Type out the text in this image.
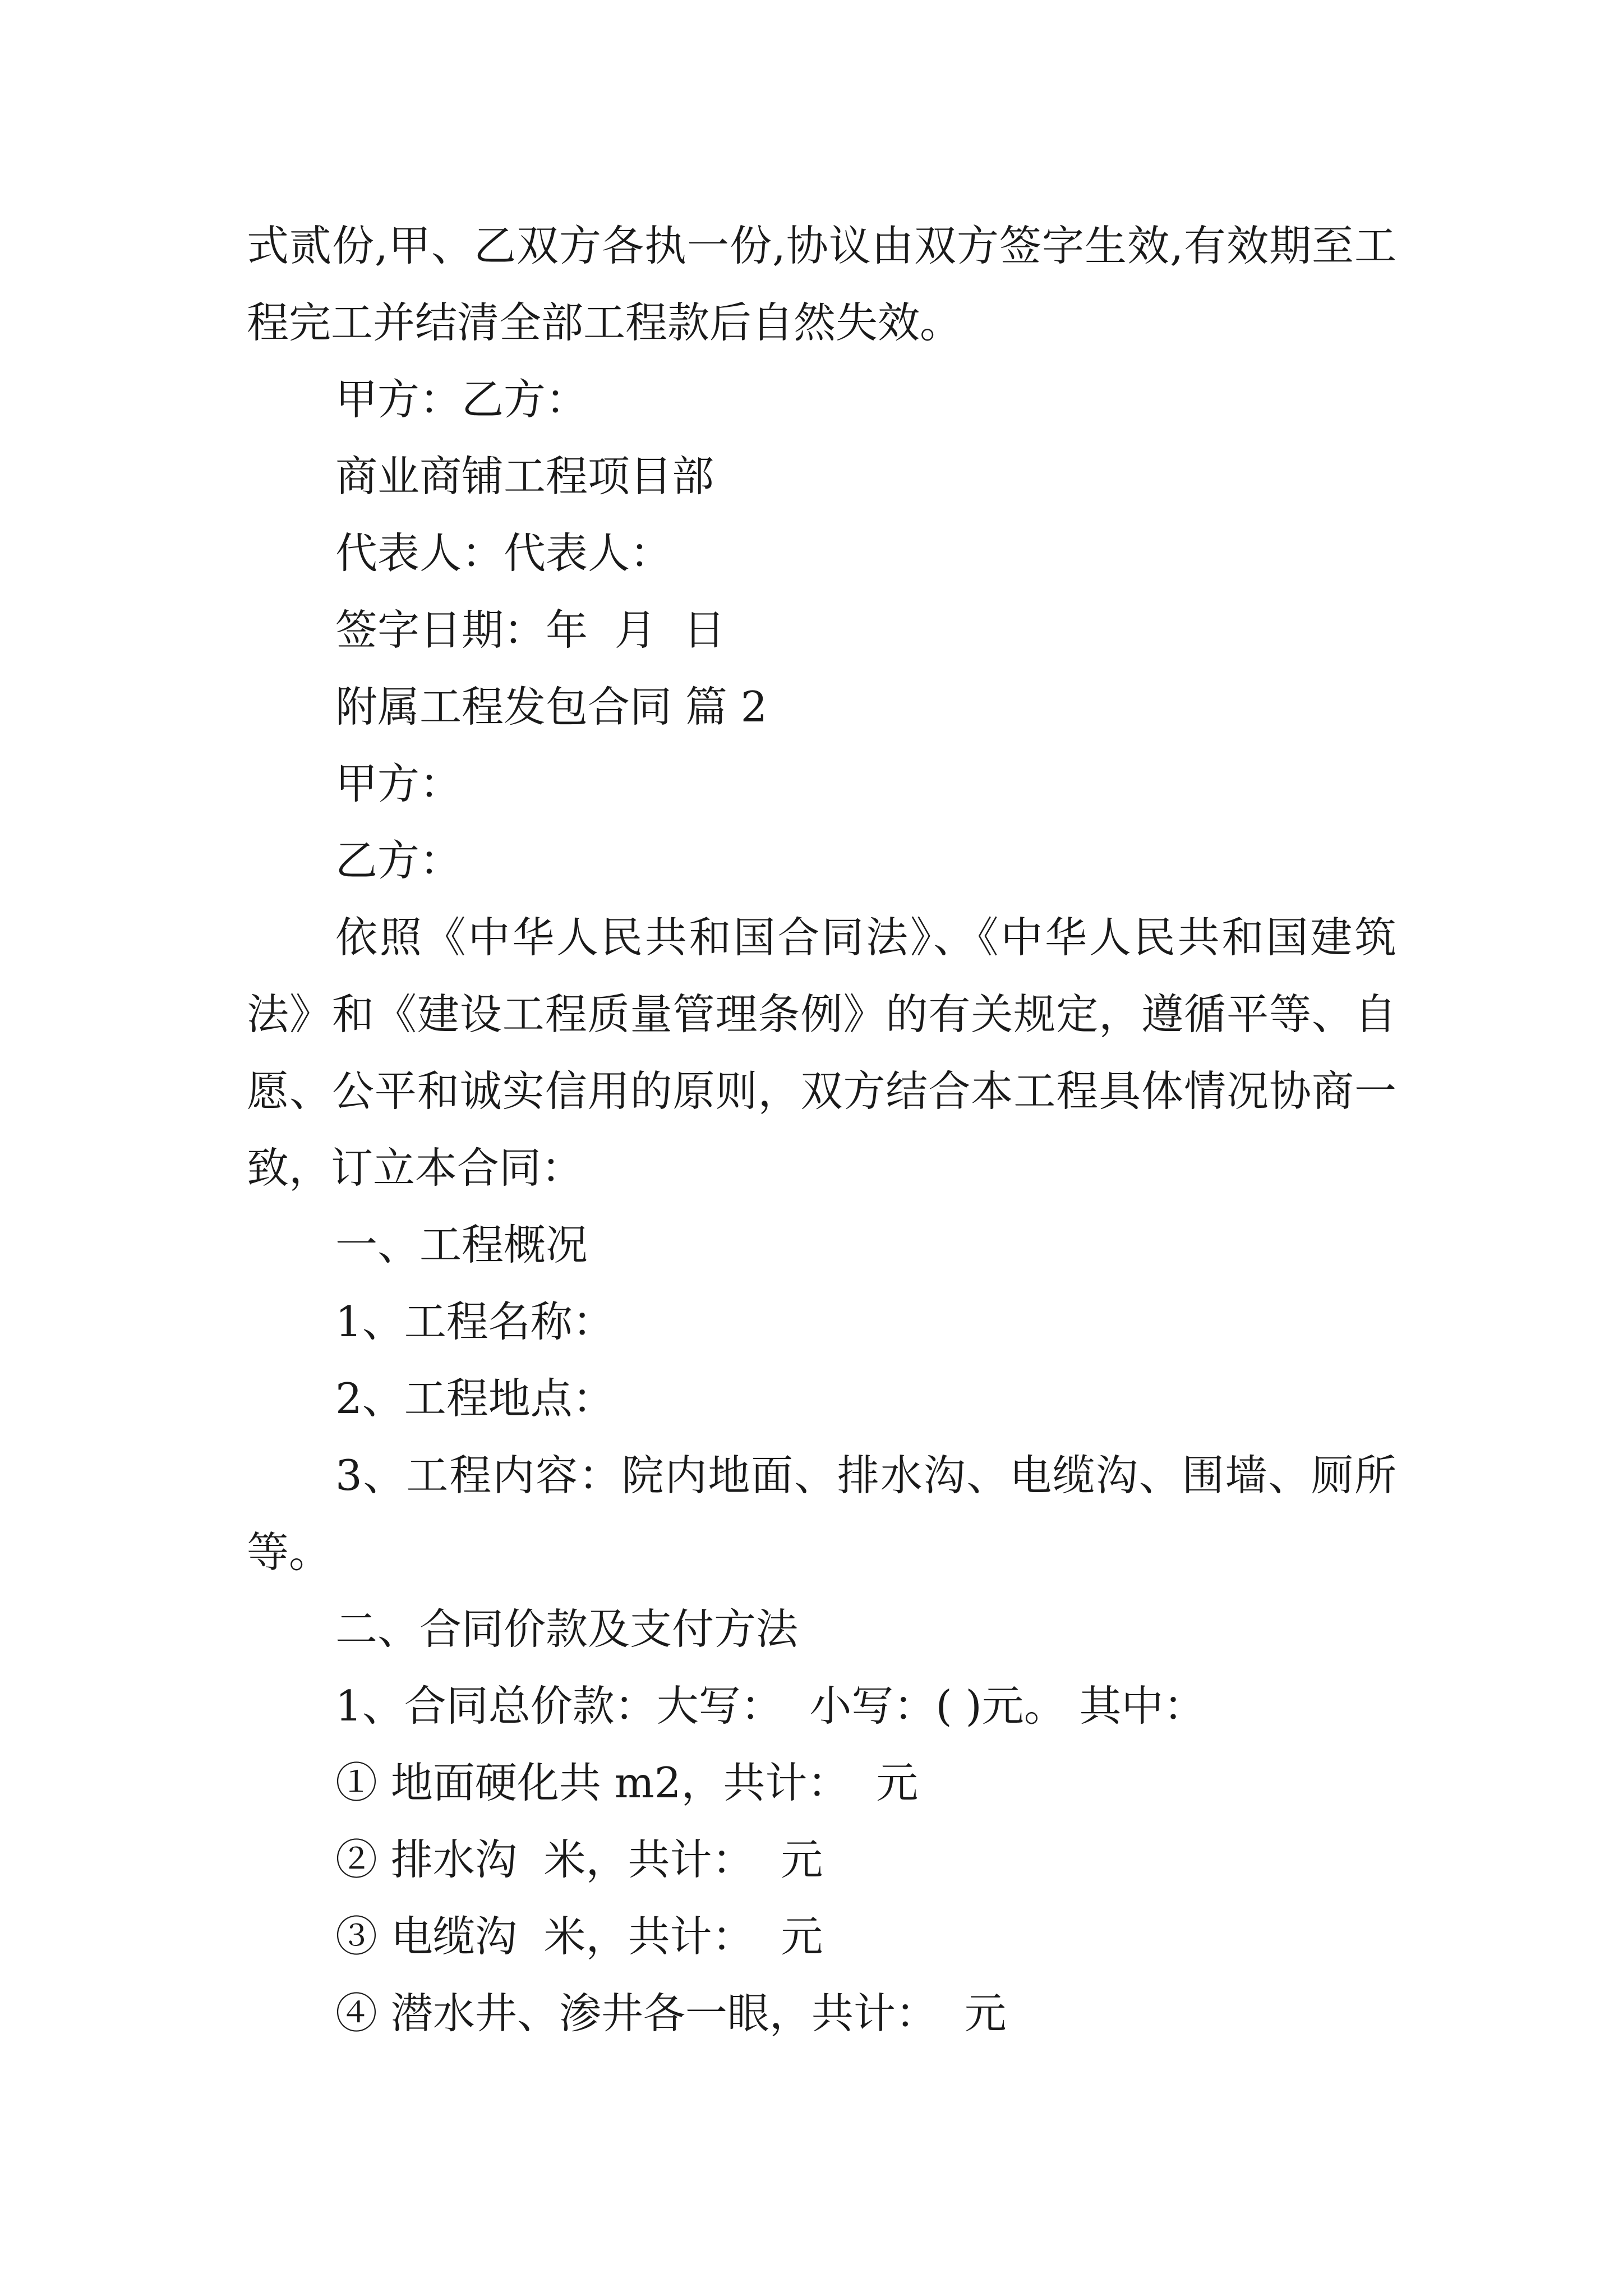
式贰份,甲、乙双方各执一份,协议由双方签字生效,有效期至工程完工并结清全部工程款后自然失效。

甲方：乙方：

商业商铺工程项目部

代表人：代表人：

签字日期：年  月  日

附属工程发包合同 篇 2

甲方：

乙方：

依照《中华人民共和国合同法》、《中华人民共和国建筑法》和《建设工程质量管理条例》的有关规定，遵循平等、自愿、公平和诚实信用的原则，双方结合本工程具体情况协商一致，订立本合同：

一、工程概况

1、工程名称：

2、工程地点：

3、工程内容：院内地面、排水沟、电缆沟、围墙、厕所等。

二、合同价款及支付方法

1、合同总价款：大写：  小写：( )元。 其中：

① 地面硬化共 m2，共计：  元

② 排水沟  米，共计：  元

③ 电缆沟  米，共计：  元

④ 潜水井、渗井各一眼，共计：  元
